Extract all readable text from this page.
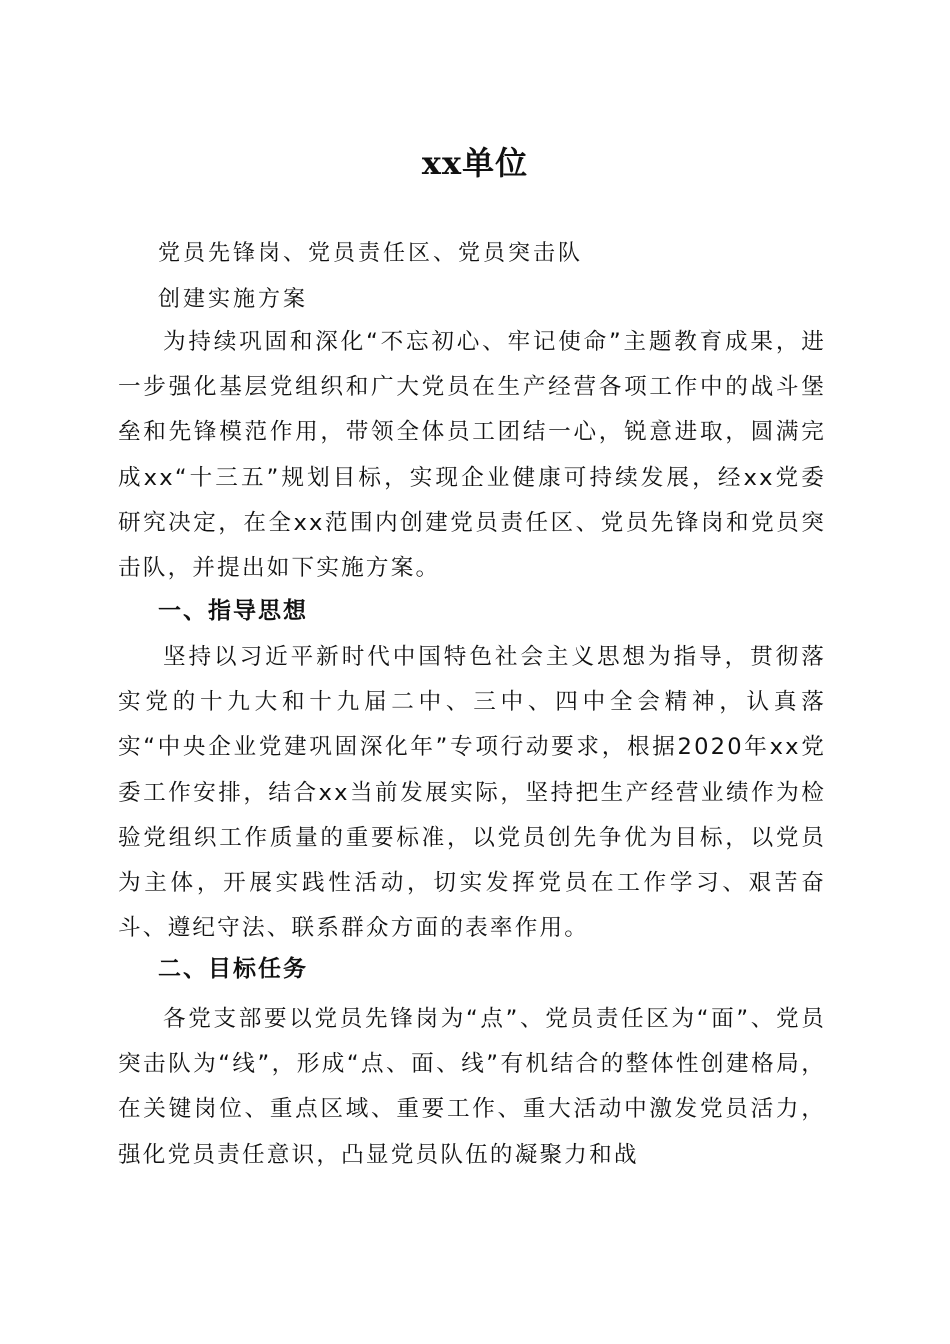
xx单位
党员先锋岗、党员责任区、党员突击队
创建实施方案
为持续巩固和深化“不忘初心、牢记使命”主题教育成果，进一步强化基层党组织和广大党员在生产经营各项工作中的战斗堡垒和先锋模范作用，带领全体员工团结一心，锐意进取，圆满完成xx“十三五”规划目标，实现企业健康可持续发展，经xx党委研究决定，在全xx范围内创建党员责任区、党员先锋岗和党员突击队，并提出如下实施方案。
一、指导思想
坚持以习近平新时代中国特色社会主义思想为指导，贯彻落实党的十九大和十九届二中、三中、四中全会精神，认真落实“中央企业党建巩固深化年”专项行动要求，根据2020年xx党委工作安排，结合xx当前发展实际，坚持把生产经营业绩作为检验党组织工作质量的重要标准，以党员创先争优为目标，以党员为主体，开展实践性活动，切实发挥党员在工作学习、艰苦奋斗、遵纪守法、联系群众方面的表率作用。
二、目标任务
各党支部要以党员先锋岗为“点”、党员责任区为“面”、党员突击队为“线”，形成“点、面、线”有机结合的整体性创建格局，在关键岗位、重点区域、重要工作、重大活动中激发党员活力，强化党员责任意识，凸显党员队伍的凝聚力和战
